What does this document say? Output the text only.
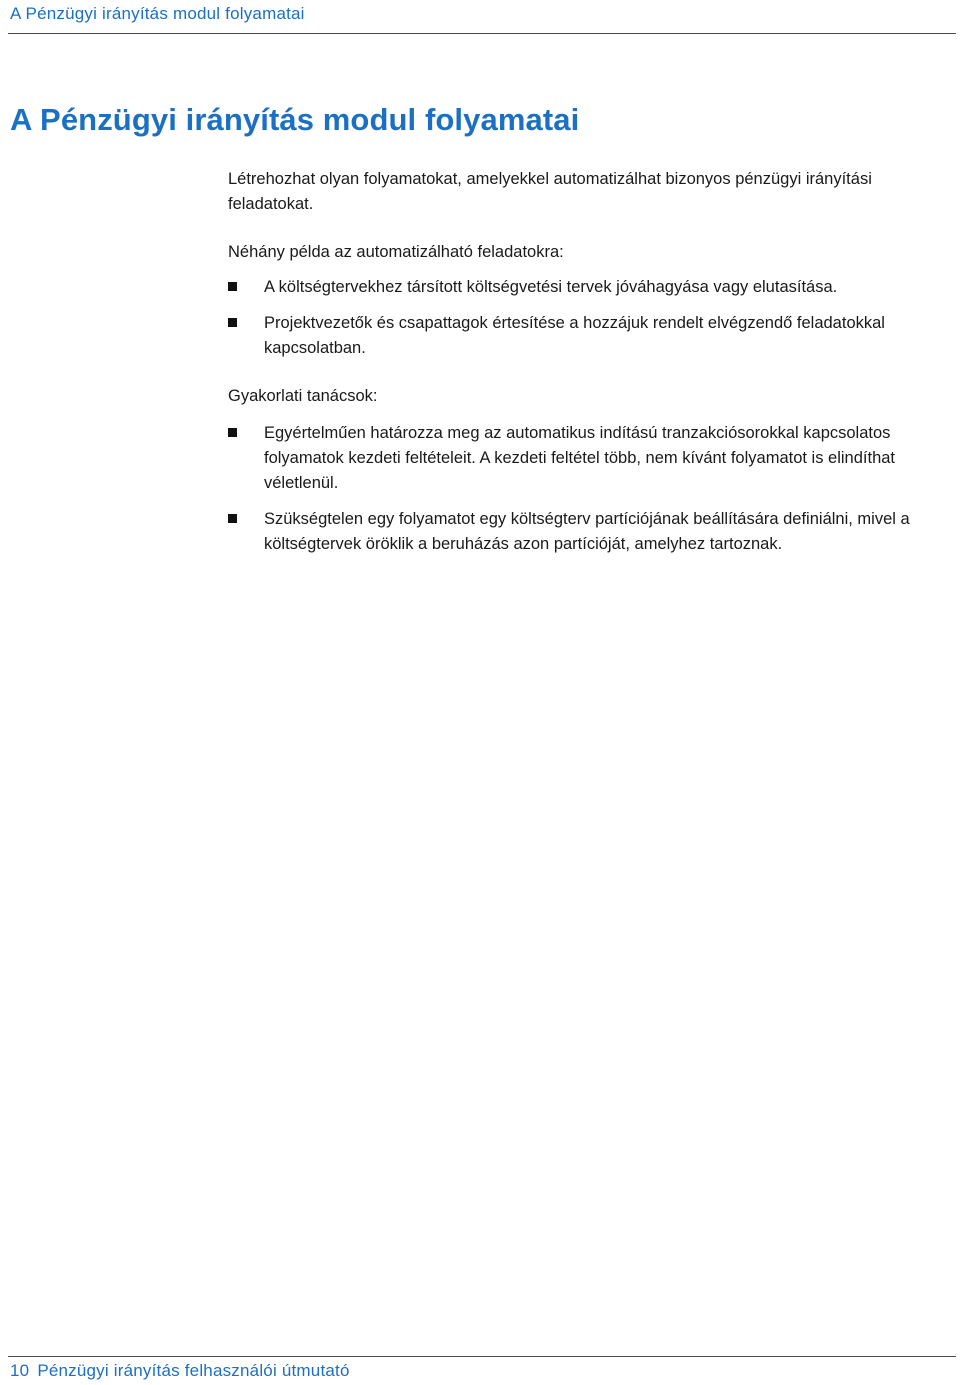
A Pénzügyi irányítás modul folyamatai
A Pénzügyi irányítás modul folyamatai

Létrehozhat olyan folyamatokat, amelyekkel automatizálhat bizonyos pénzügyi irányítási feladatokat.

Néhány példa az automatizálható feladatokra:

A költségtervekhez társított költségvetési tervek jóváhagyása vagy elutasítása.
Projektvezetők és csapattagok értesítése a hozzájuk rendelt elvégzendő feladatokkal kapcsolatban.

Gyakorlati tanácsok:

Egyértelműen határozza meg az automatikus indítású tranzakciósorokkal kapcsolatos folyamatok kezdeti feltételeit. A kezdeti feltétel több, nem kívánt folyamatot is elindíthat véletlenül.
Szükségtelen egy folyamatot egy költségterv partíciójának beállítására definiálni, mivel a költségtervek öröklik a beruházás azon partícióját, amelyhez tartoznak.
10 Pénzügyi irányítás felhasználói útmutató
